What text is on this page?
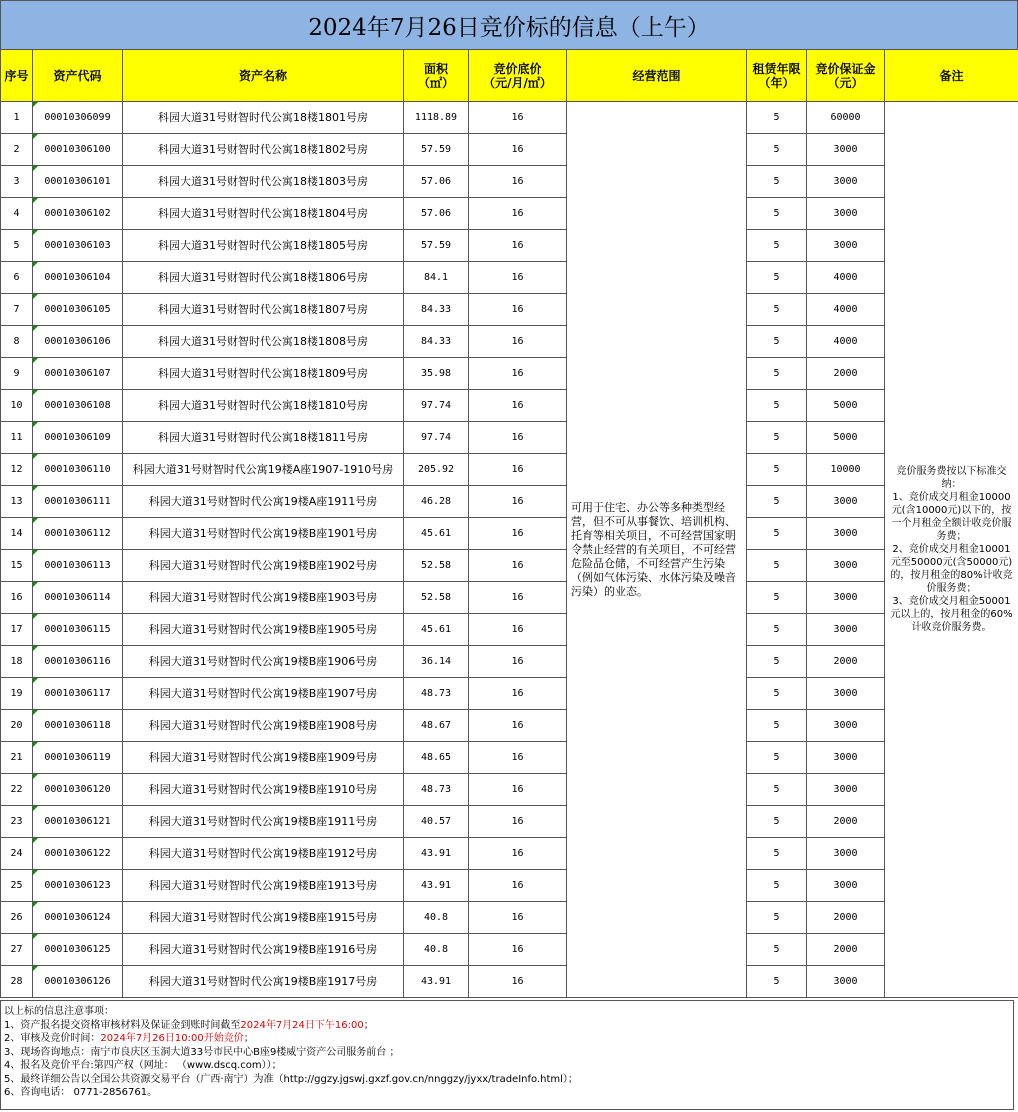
2024年7月26日竞价标的信息（上午）
序号	资产代码	资产名称	面积
（㎡）	竞价底价
（元/月/㎡）	经营范围	租赁年限
（年）	竞价保证金
（元）	备注
1	00010306099	科园大道31号财智时代公寓18楼1801号房	1118.89	16	可用于住宅、办公等多种类型经营，但不可从事餐饮、培训机构、托育等相关项目，不可经营国家明令禁止经营的有关项目，不可经营危险品仓储，不可经营产生污染（例如气体污染、水体污染及噪音污染）的业态。	5	60000	竞价服务费按以下标准交纳：
1、竞价成交月租金10000元(含10000元)以下的，按一个月租金全额计收竞价服务费；
2、竞价成交月租金10001元至50000元(含50000元)的，按月租金的80%计收竞价服务费；
3、竞价成交月租金50001元以上的，按月租金的60%计收竞价服务费。
2	00010306100	科园大道31号财智时代公寓18楼1802号房	57.59	16		5	3000	
3	00010306101	科园大道31号财智时代公寓18楼1803号房	57.06	16		5	3000	
4	00010306102	科园大道31号财智时代公寓18楼1804号房	57.06	16		5	3000	
5	00010306103	科园大道31号财智时代公寓18楼1805号房	57.59	16		5	3000	
6	00010306104	科园大道31号财智时代公寓18楼1806号房	84.1	16		5	4000	
7	00010306105	科园大道31号财智时代公寓18楼1807号房	84.33	16		5	4000	
8	00010306106	科园大道31号财智时代公寓18楼1808号房	84.33	16		5	4000	
9	00010306107	科园大道31号财智时代公寓18楼1809号房	35.98	16		5	2000	
10	00010306108	科园大道31号财智时代公寓18楼1810号房	97.74	16		5	5000	
11	00010306109	科园大道31号财智时代公寓18楼1811号房	97.74	16		5	5000	
12	00010306110	科园大道31号财智时代公寓19楼A座1907-1910号房	205.92	16		5	10000	
13	00010306111	科园大道31号财智时代公寓19楼A座1911号房	46.28	16		5	3000	
14	00010306112	科园大道31号财智时代公寓19楼B座1901号房	45.61	16		5	3000	
15	00010306113	科园大道31号财智时代公寓19楼B座1902号房	52.58	16		5	3000	
16	00010306114	科园大道31号财智时代公寓19楼B座1903号房	52.58	16		5	3000	
17	00010306115	科园大道31号财智时代公寓19楼B座1905号房	45.61	16		5	3000	
18	00010306116	科园大道31号财智时代公寓19楼B座1906号房	36.14	16		5	2000	
19	00010306117	科园大道31号财智时代公寓19楼B座1907号房	48.73	16		5	3000	
20	00010306118	科园大道31号财智时代公寓19楼B座1908号房	48.67	16		5	3000	
21	00010306119	科园大道31号财智时代公寓19楼B座1909号房	48.65	16		5	3000	
22	00010306120	科园大道31号财智时代公寓19楼B座1910号房	48.73	16		5	3000	
23	00010306121	科园大道31号财智时代公寓19楼B座1911号房	40.57	16		5	2000	
24	00010306122	科园大道31号财智时代公寓19楼B座1912号房	43.91	16		5	3000	
25	00010306123	科园大道31号财智时代公寓19楼B座1913号房	43.91	16		5	3000	
26	00010306124	科园大道31号财智时代公寓19楼B座1915号房	40.8	16		5	2000	
27	00010306125	科园大道31号财智时代公寓19楼B座1916号房	40.8	16		5	2000	
28	00010306126	科园大道31号财智时代公寓19楼B座1917号房	43.91	16		5	3000	
以上标的信息注意事项：
1、资产报名提交资格审核材料及保证金到账时间截至2024年7月24日下午16:00；
2、审核及竞价时间：2024年7月26日10:00开始竞价；
3、现场咨询地点：南宁市良庆区玉洞大道33号市民中心B座9楼威宁资产公司服务前台 ；
4、报名及竞价平台:第四产权（网址： （www.dscq.com））；
5、最终详细公告以全国公共资源交易平台（广西·南宁）为准（http://ggzy.jgswj.gxzf.gov.cn/nnggzy/jyxx/tradeInfo.html）；
6、咨询电话： 0771-2856761。
